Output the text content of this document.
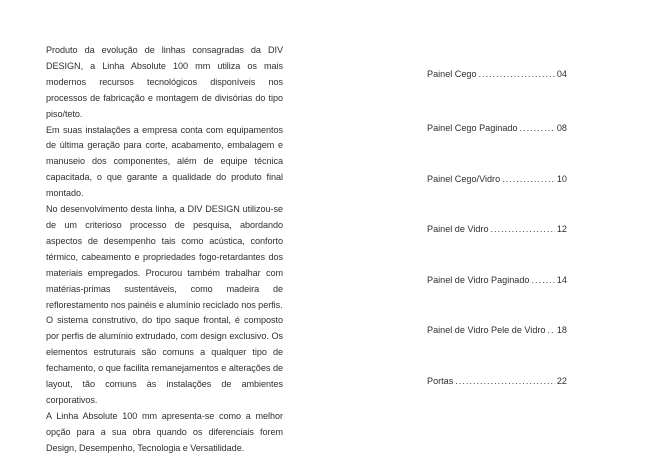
Produto da evolução de linhas consagradas da DIV DESIGN, a Linha Absolute 100 mm utiliza os mais modernos recursos tecnológicos disponíveis nos processos de fabricação e montagem de divisórias do tipo piso/teto.

Em suas instalações a empresa conta com equipamentos de última geração para corte, acabamento, embalagem e manuseio dos componentes, além de equipe técnica capacitada, o que garante a qualidade do produto final montado.

No desenvolvimento desta linha, a DIV DESIGN utilizou-se de um criterioso processo de pesquisa, abordando aspectos de desempenho tais como acústica, conforto térmico, cabeamento e propriedades fogo-retardantes dos materiais empregados. Procurou também trabalhar com matérias-primas sustentáveis, como madeira de reflorestamento nos painéis e alumínio reciclado nos perfis.

O sistema construtivo, do tipo saque frontal, é composto por perfis de alumínio extrudado, com design exclusivo. Os elementos estruturais são comuns a qualquer tipo de fechamento, o que facilita remanejamentos e alterações de layout, tão comuns às instalações de ambientes corporativos.

A Linha Absolute 100 mm apresenta-se como a melhor opção para a sua obra quando os diferenciais forem Design, Desempenho, Tecnologia e Versatilidade.

Painel Cego .....	04
Painel Cego Paginado .....	08
Painel Cego/Vidro .....	10
Painel de Vidro .....	12
Painel de Vidro Paginado .....	14
Painel de Vidro Pele de Vidro ..... 18
Portas .....	22
